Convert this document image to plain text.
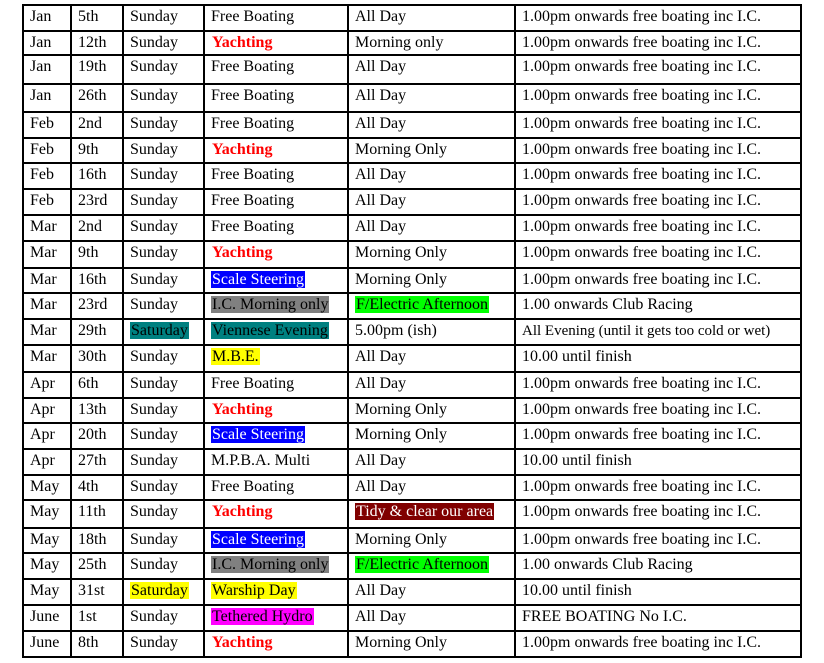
Jan	5th	Sunday	Free Boating	All Day	1.00pm onwards free boating inc I.C.
Jan	12th	Sunday	Yachting	Morning only	1.00pm onwards free boating inc I.C.
Jan	19th	Sunday	Free Boating	All Day	1.00pm onwards free boating inc I.C.
Jan	26th	Sunday	Free Boating	All Day	1.00pm onwards free boating inc I.C.
Feb	2nd	Sunday	Free Boating	All Day	1.00pm onwards free boating inc I.C.
Feb	9th	Sunday	Yachting	Morning Only	1.00pm onwards free boating inc I.C.
Feb	16th	Sunday	Free Boating	All Day	1.00pm onwards free boating inc I.C.
Feb	23rd	Sunday	Free Boating	All Day	1.00pm onwards free boating inc I.C.
Mar	2nd	Sunday	Free Boating	All Day	1.00pm onwards free boating inc I.C.
Mar	9th	Sunday	Yachting	Morning Only	1.00pm onwards free boating inc I.C.
Mar	16th	Sunday	Scale Steering	Morning Only	1.00pm onwards free boating inc I.C.
Mar	23rd	Sunday	I.C. Morning only	F/Electric Afternoon	1.00 onwards Club Racing
Mar	29th	Saturday	Viennese Evening	5.00pm (ish)	All Evening (until it gets too cold or wet)
Mar	30th	Sunday	M.B.E.	All Day	10.00 until finish
Apr	6th	Sunday	Free Boating	All Day	1.00pm onwards free boating inc I.C.
Apr	13th	Sunday	Yachting	Morning Only	1.00pm onwards free boating inc I.C.
Apr	20th	Sunday	Scale Steering	Morning Only	1.00pm onwards free boating inc I.C.
Apr	27th	Sunday	M.P.B.A. Multi	All Day	10.00 until finish
May	4th	Sunday	Free Boating	All Day	1.00pm onwards free boating inc I.C.
May	11th	Sunday	Yachting	Tidy & clear our area	1.00pm onwards free boating inc I.C.
May	18th	Sunday	Scale Steering	Morning Only	1.00pm onwards free boating inc I.C.
May	25th	Sunday	I.C. Morning only	F/Electric Afternoon	1.00 onwards Club Racing
May	31st	Saturday	Warship Day	All Day	10.00 until finish
June	1st	Sunday	Tethered Hydro	All Day	FREE BOATING No I.C.
June	8th	Sunday	Yachting	Morning Only	1.00pm onwards free boating inc I.C.
